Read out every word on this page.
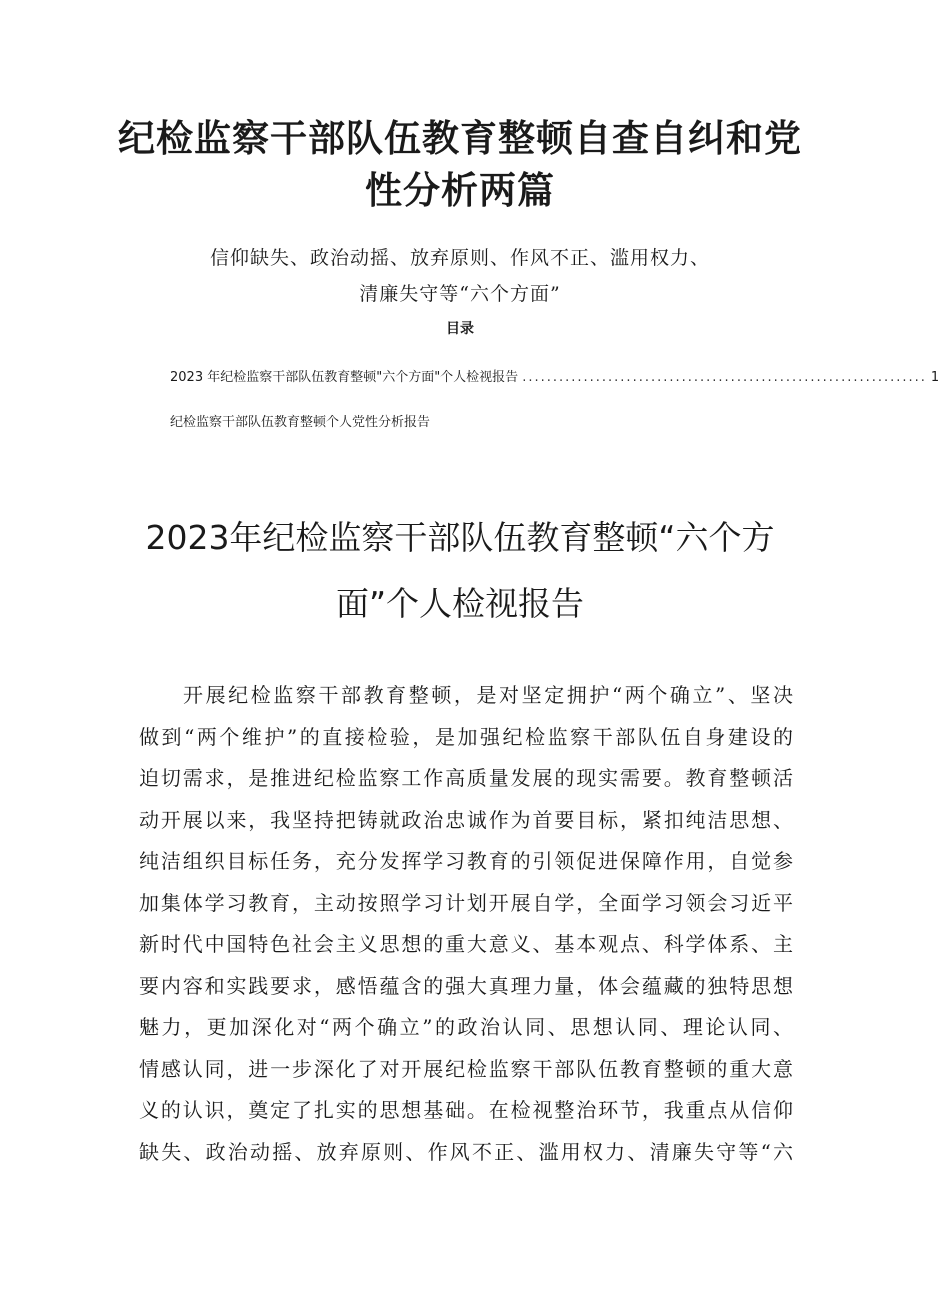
纪检监察干部队伍教育整顿自查自纠和党
性分析两篇

信仰缺失、政治动摇、放弃原则、作风不正、滥用权力、

清廉失守等“六个方面”

目录
2023 年纪检监察干部队伍教育整顿"六个方面"个人检视报告 .................................................................. 1
纪检监察干部队伍教育整顿个人党性分析报告
2023年纪检监察干部队伍教育整顿“六个方
面”个人检视报告
开展纪检监察干部教育整顿，是对坚定拥护“两个确立”、坚决
做到“两个维护”的直接检验，是加强纪检监察干部队伍自身建设的
迫切需求，是推进纪检监察工作高质量发展的现实需要。教育整顿活
动开展以来，我坚持把铸就政治忠诚作为首要目标，紧扣纯洁思想、
纯洁组织目标任务，充分发挥学习教育的引领促进保障作用，自觉参
加集体学习教育，主动按照学习计划开展自学，全面学习领会习近平
新时代中国特色社会主义思想的重大意义、基本观点、科学体系、主
要内容和实践要求，感悟蕴含的强大真理力量，体会蕴藏的独特思想
魅力，更加深化对“两个确立”的政治认同、思想认同、理论认同、
情感认同，进一步深化了对开展纪检监察干部队伍教育整顿的重大意
义的认识，奠定了扎实的思想基础。在检视整治环节，我重点从信仰
缺失、政治动摇、放弃原则、作风不正、滥用权力、清廉失守等“六
